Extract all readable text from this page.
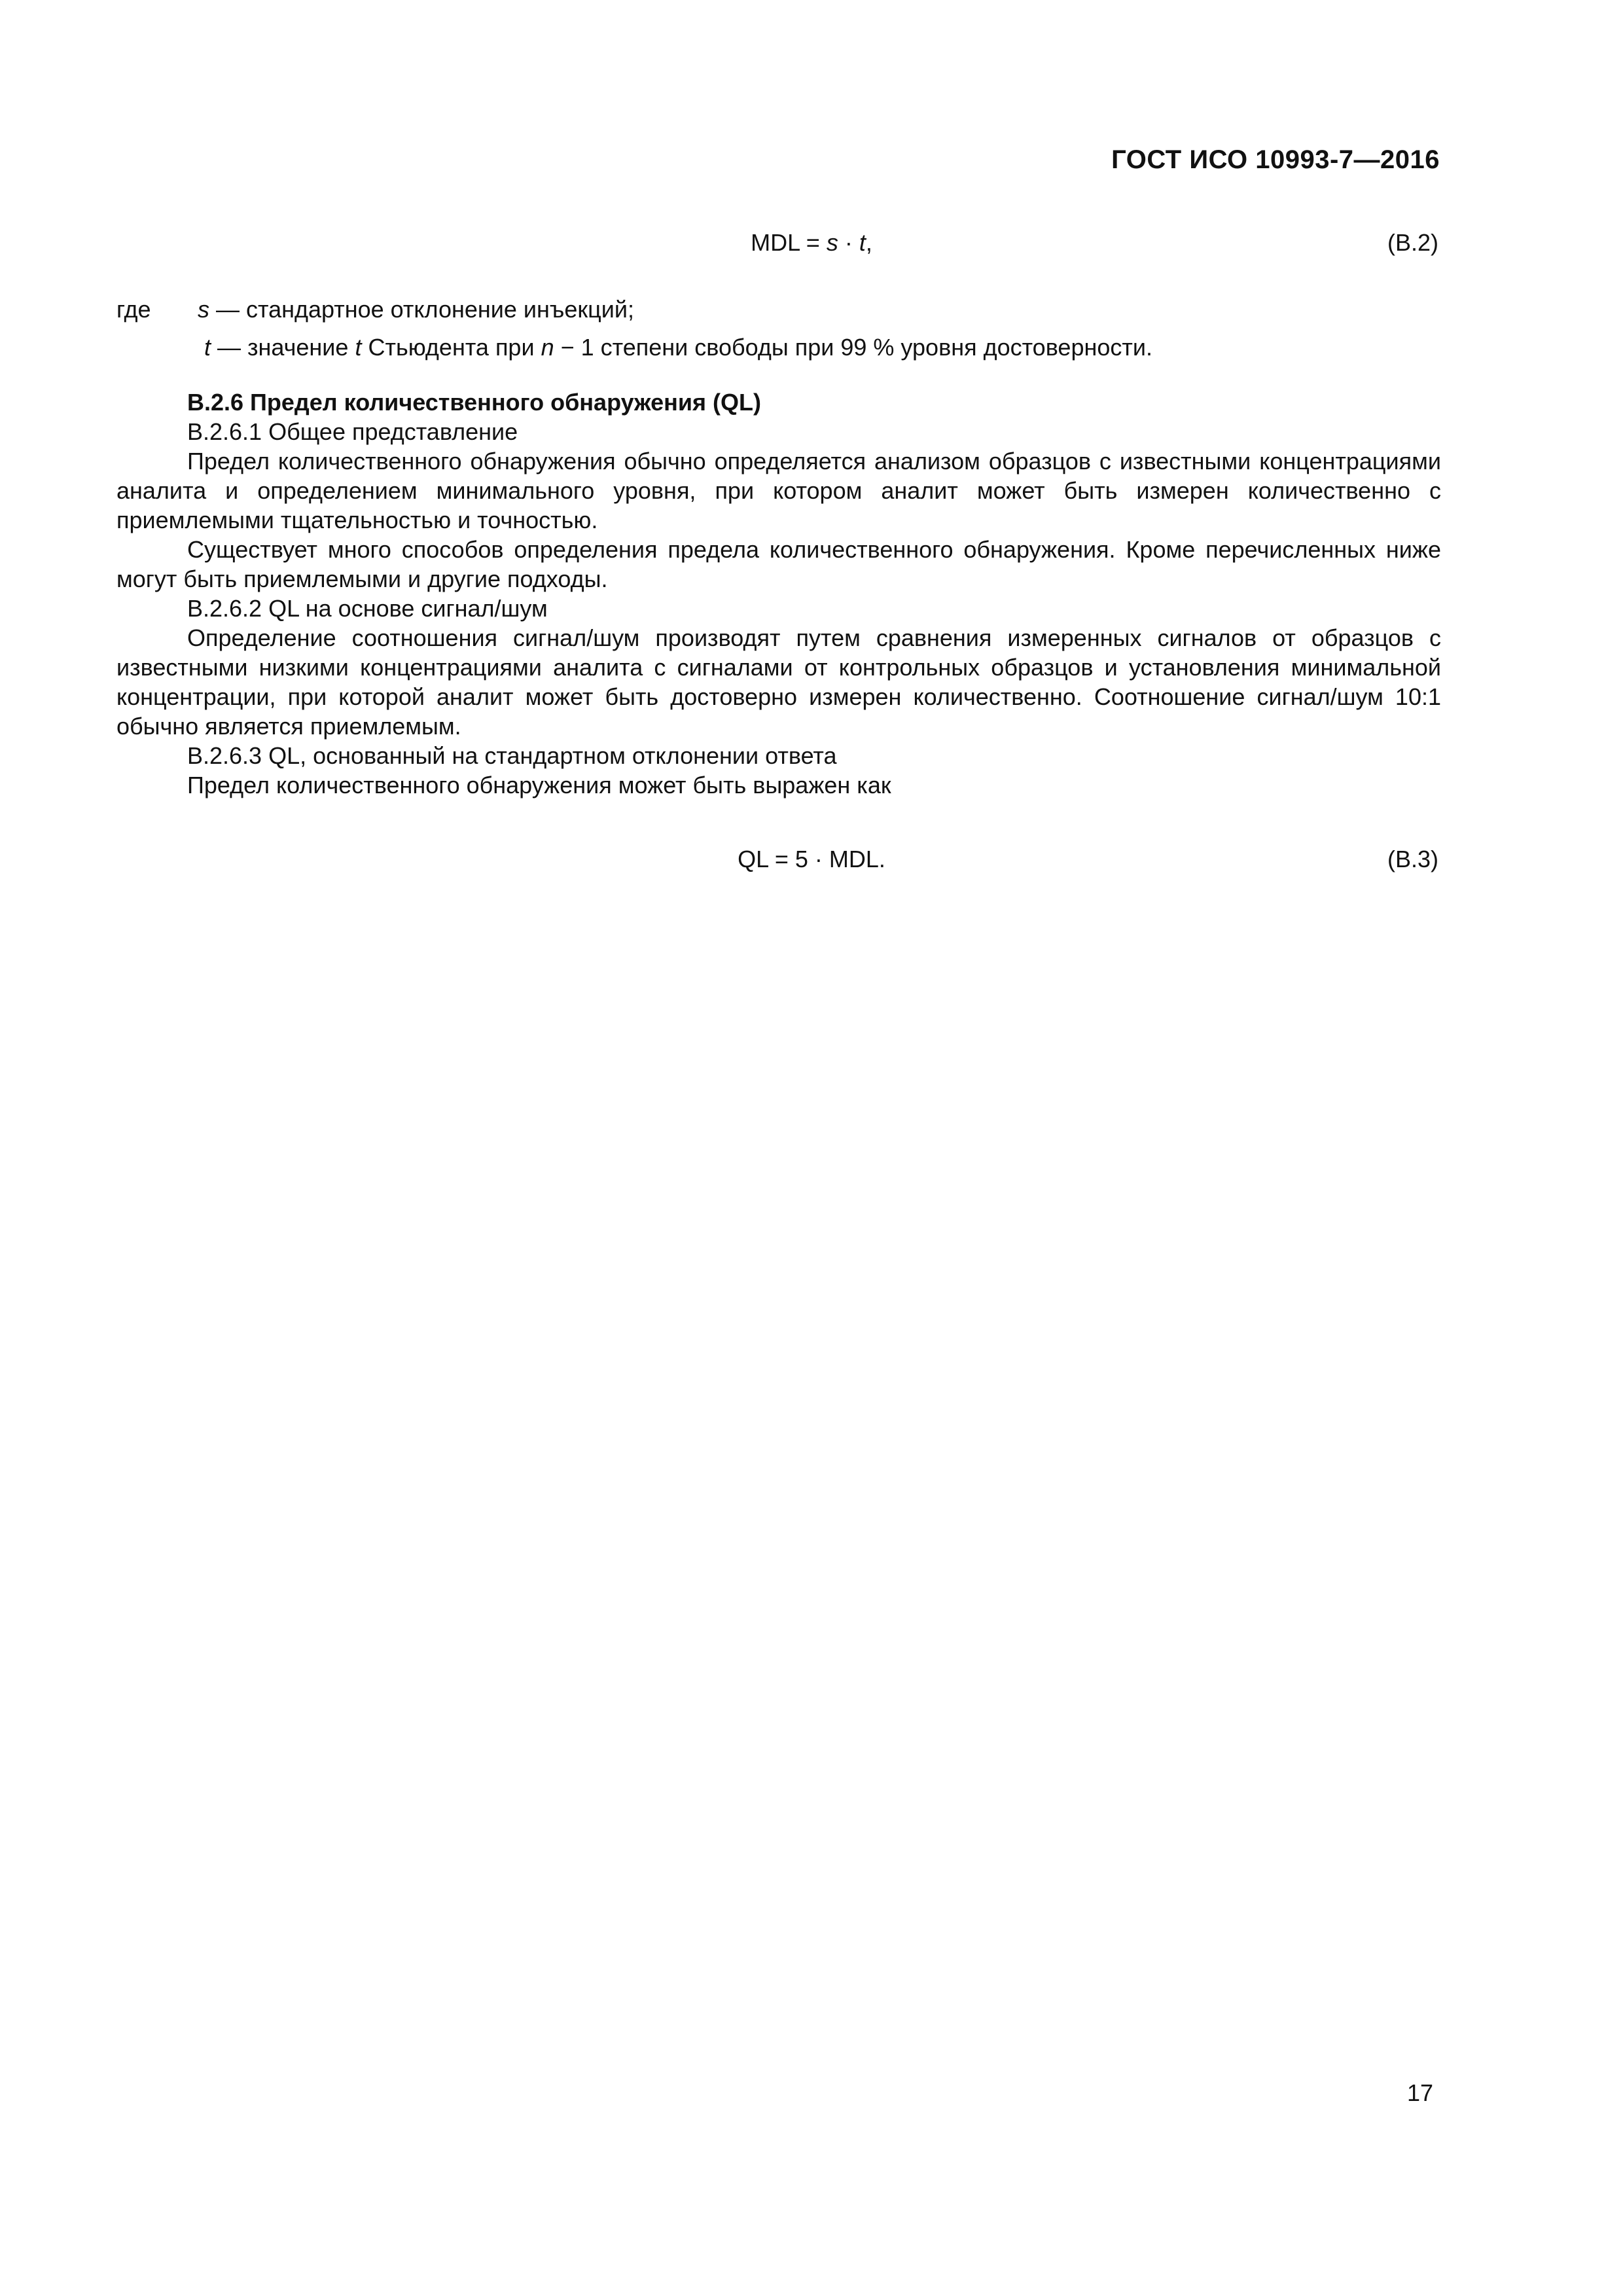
ГОСТ ИСО 10993-7—2016
MDL = s · t,	(B.2)
где s — стандартное отклонение инъекций;
t — значение t Стьюдента при n − 1 степени свободы при 99 % уровня достоверности.

B.2.6 Предел количественного обнаружения (QL)

B.2.6.1 Общее представление

Предел количественного обнаружения обычно определяется анализом образцов с известными концентрациями аналита и определением минимального уровня, при котором аналит может быть измерен количественно с приемлемыми тщательностью и точностью.

Существует много способов определения предела количественного обнаружения. Кроме перечисленных ниже могут быть приемлемыми и другие подходы.

B.2.6.2 QL на основе сигнал/шум

Определение соотношения сигнал/шум производят путем сравнения измеренных сигналов от образцов с известными низкими концентрациями аналита с сигналами от контрольных образцов и установления минимальной концентрации, при которой аналит может быть достоверно измерен количественно. Соотношение сигнал/шум 10:1 обычно является приемлемым.

B.2.6.3 QL, основанный на стандартном отклонении ответа

Предел количественного обнаружения может быть выражен как

QL = 5 · MDL.	(B.3)
17
